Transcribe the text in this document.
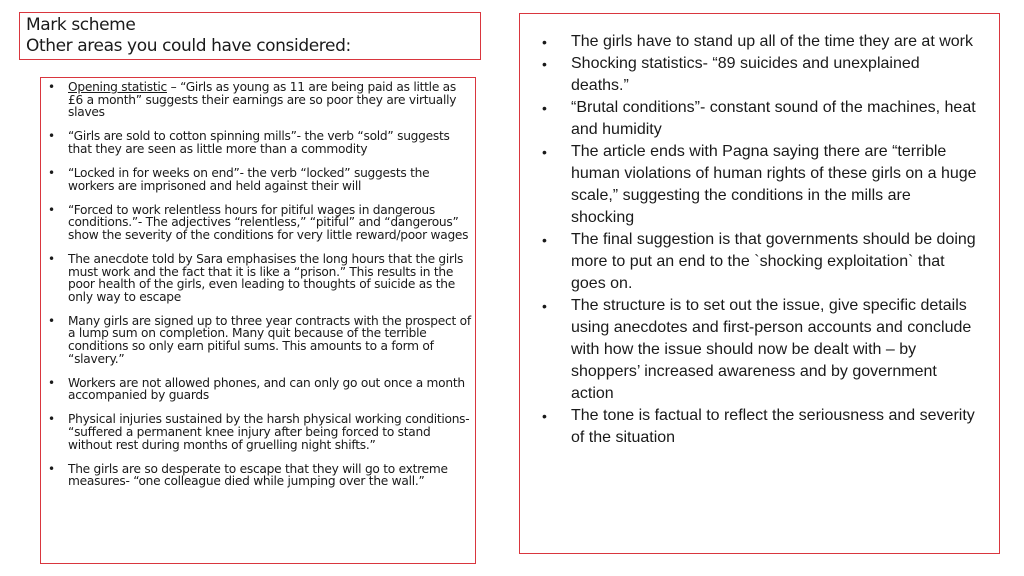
Mark scheme
Other areas you could have considered:
• Opening statistic – “Girls as young as 11 are being paid as little as £6 a month” suggests their earnings are so poor they are virtually slaves
• “Girls are sold to cotton spinning mills”- the verb “sold” suggests that they are seen as little more than a commodity
• “Locked in for weeks on end”- the verb “locked” suggests the workers are imprisoned and held against their will
• “Forced to work relentless hours for pitiful wages in dangerous conditions.”- The adjectives “relentless,” “pitiful” and “dangerous” show the severity of the conditions for very little reward/poor wages
• The anecdote told by Sara emphasises the long hours that the girls must work and the fact that it is like a “prison.” This results in the poor health of the girls, even leading to thoughts of suicide as the only way to escape
• Many girls are signed up to three year contracts with the prospect of a lump sum on completion. Many quit because of the terrible conditions so only earn pitiful sums. This amounts to a form of “slavery.”
• Workers are not allowed phones, and can only go out once a month accompanied by guards
• Physical injuries sustained by the harsh physical working conditions- “suffered a permanent knee injury after being forced to stand without rest during months of gruelling night shifts.”
• The girls are so desperate to escape that they will go to extreme measures- “one colleague died while jumping over the wall.”
• The girls have to stand up all of the time they are at work
• Shocking statistics- “89 suicides and unexplained deaths.”
• “Brutal conditions”- constant sound of the machines, heat and humidity
• The article ends with Pagna saying there are “terrible human violations of human rights of these girls on a huge scale,” suggesting the conditions in the mills are shocking
• The final suggestion is that governments should be doing more to put an end to the `shocking exploitation` that goes on.
• The structure is to set out the issue, give specific details using anecdotes and first-person accounts and conclude with how the issue should now be dealt with – by shoppers’ increased awareness and by government action
• The tone is factual to reflect the seriousness and severity of the situation
